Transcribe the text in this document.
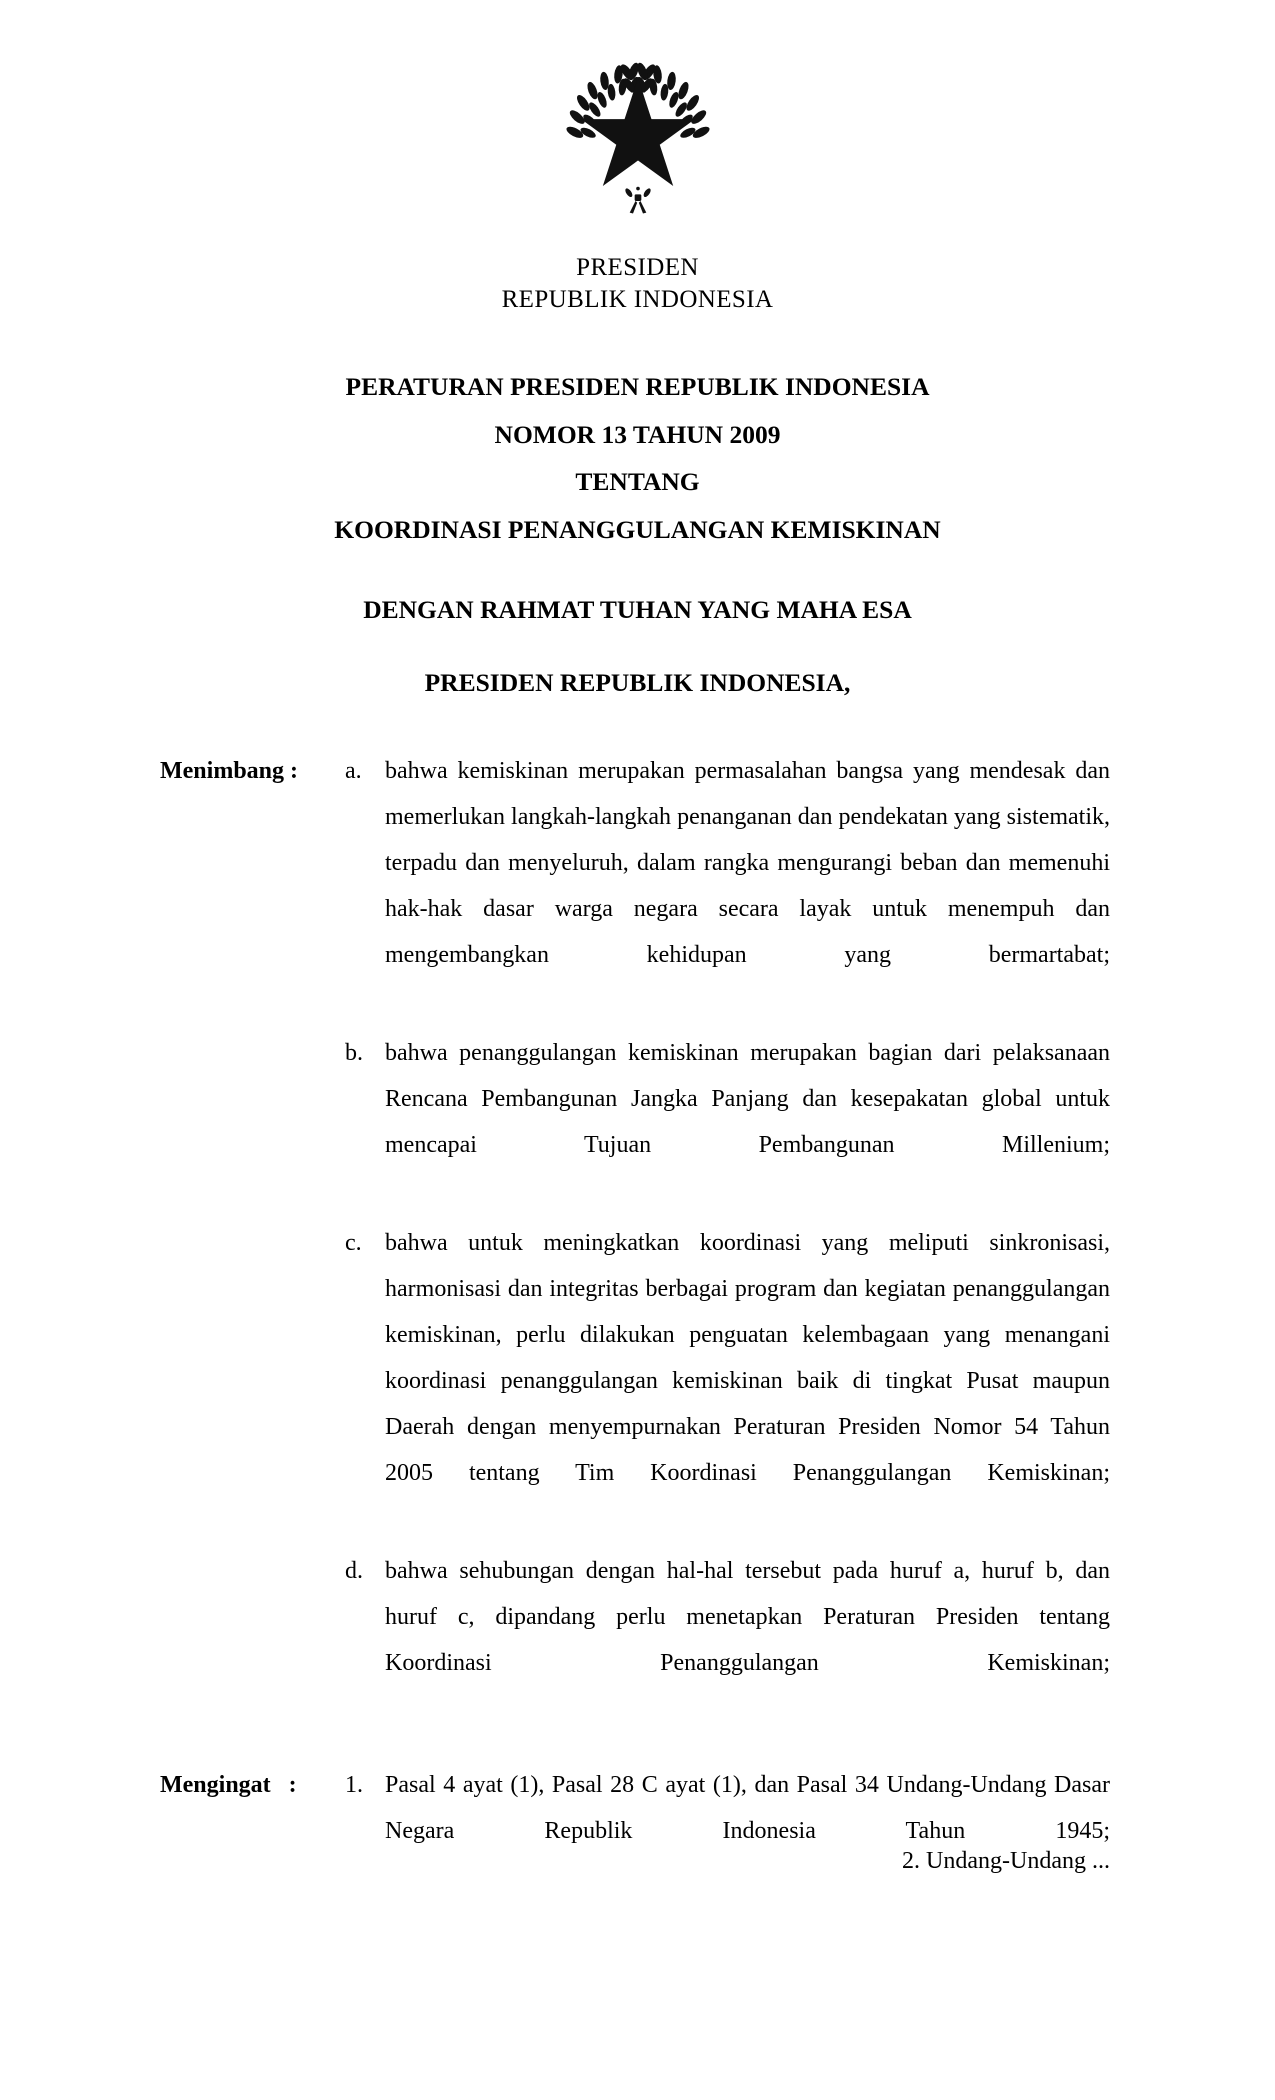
PRESIDEN
REPUBLIK INDONESIA
PERATURAN PRESIDEN REPUBLIK INDONESIA
NOMOR 13 TAHUN 2009
TENTANG
KOORDINASI PENANGGULANGAN KEMISKINAN
DENGAN RAHMAT TUHAN YANG MAHA ESA
PRESIDEN REPUBLIK INDONESIA,
Menimbang :	a. bahwa kemiskinan merupakan permasalahan bangsa yang mendesak dan memerlukan langkah-langkah penanganan dan pendekatan yang sistematik, terpadu dan menyeluruh, dalam rangka mengurangi beban dan memenuhi hak-hak dasar warga negara secara layak untuk menempuh dan mengembangkan kehidupan yang bermartabat;
b. bahwa penanggulangan kemiskinan merupakan bagian dari pelaksanaan Rencana Pembangunan Jangka Panjang dan kesepakatan global untuk mencapai Tujuan Pembangunan Millenium;
c. bahwa untuk meningkatkan koordinasi yang meliputi sinkronisasi, harmonisasi dan integritas berbagai program dan kegiatan penanggulangan kemiskinan, perlu dilakukan penguatan kelembagaan yang menangani koordinasi penanggulangan kemiskinan baik di tingkat Pusat maupun Daerah dengan menyempurnakan Peraturan Presiden Nomor 54 Tahun 2005 tentang Tim Koordinasi Penanggulangan Kemiskinan;
d. bahwa sehubungan dengan hal-hal tersebut pada huruf a, huruf b, dan huruf c, dipandang perlu menetapkan Peraturan Presiden tentang Koordinasi Penanggulangan Kemiskinan;
Mengingat   :	1. Pasal 4 ayat (1), Pasal 28 C ayat (1), dan Pasal 34 Undang-Undang Dasar Negara Republik Indonesia Tahun 1945;
2. Undang-Undang ...
